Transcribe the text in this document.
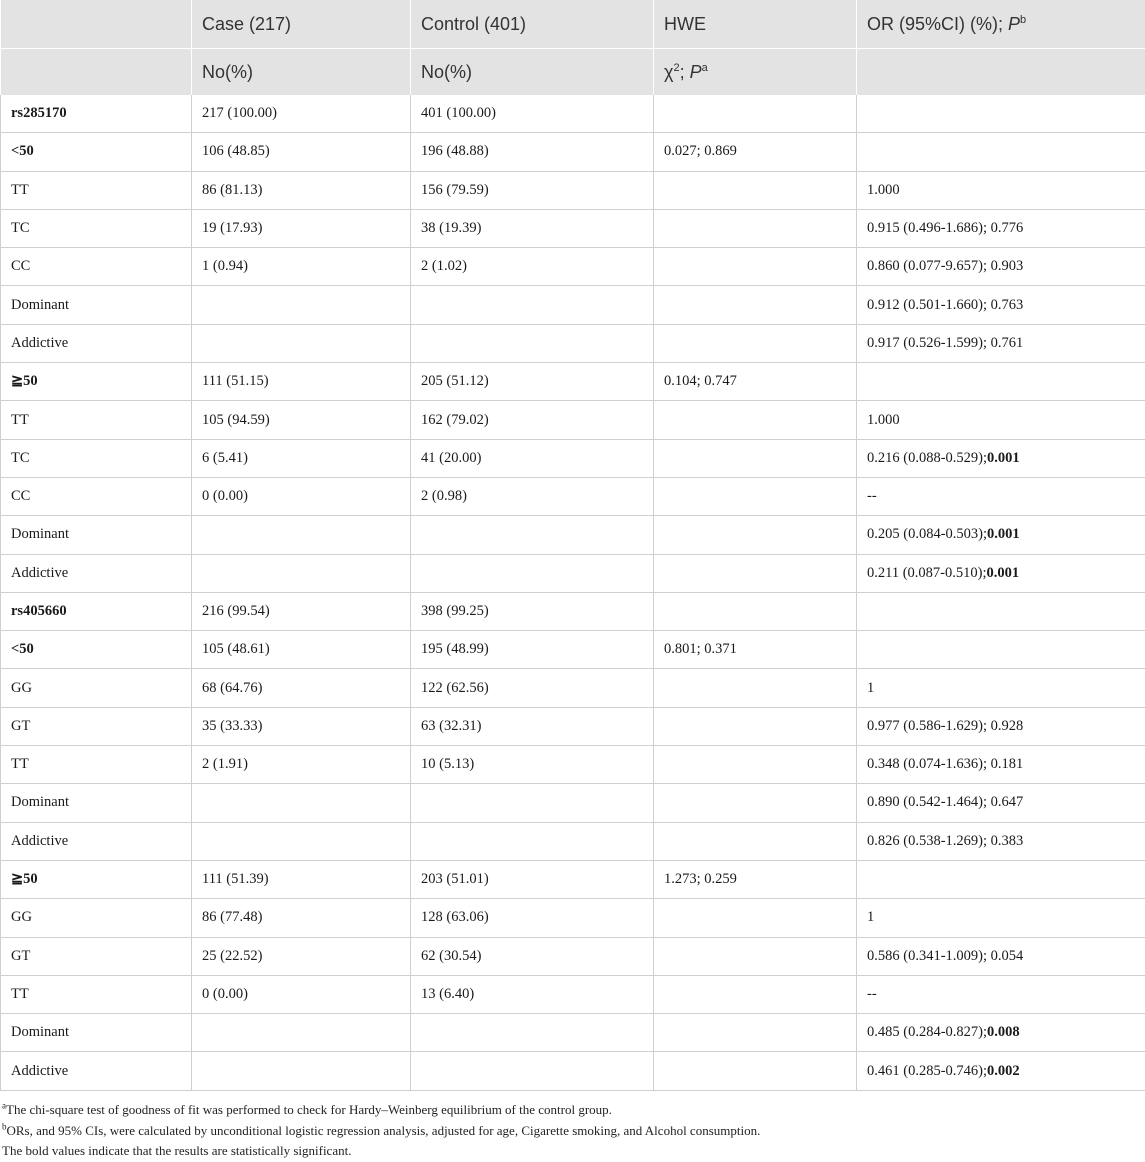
	Case (217)	Control (401)	HWE	OR (95%CI) (%); $P^b$
	No(%)	No(%)	$\chi^2$; $P^a$	
rs285170	217 (100.00)	401 (100.00)		
<50	106 (48.85)	196 (48.88)	0.027; 0.869	
TT	86 (81.13)	156 (79.59)		1.000
TC	19 (17.93)	38 (19.39)		0.915 (0.496-1.686); 0.776
CC	1 (0.94)	2 (1.02)		0.860 (0.077-9.657); 0.903
Dominant				0.912 (0.501-1.660); 0.763
Addictive				0.917 (0.526-1.599); 0.761
≧50	111 (51.15)	205 (51.12)	0.104; 0.747	
TT	105 (94.59)	162 (79.02)		1.000
TC	6 (5.41)	41 (20.00)		0.216 (0.088-0.529);0.001
CC	0 (0.00)	2 (0.98)		--
Dominant				0.205 (0.084-0.503);0.001
Addictive				0.211 (0.087-0.510);0.001
rs405660	216 (99.54)	398 (99.25)		
<50	105 (48.61)	195 (48.99)	0.801; 0.371	
GG	68 (64.76)	122 (62.56)		1
GT	35 (33.33)	63 (32.31)		0.977 (0.586-1.629); 0.928
TT	2 (1.91)	10 (5.13)		0.348 (0.074-1.636); 0.181
Dominant				0.890 (0.542-1.464); 0.647
Addictive				0.826 (0.538-1.269); 0.383
≧50	111 (51.39)	203 (51.01)	1.273; 0.259	
GG	86 (77.48)	128 (63.06)		1
GT	25 (22.52)	62 (30.54)		0.586 (0.341-1.009); 0.054
TT	0 (0.00)	13 (6.40)		--
Dominant				0.485 (0.284-0.827);0.008
Addictive				0.461 (0.285-0.746);0.002
$^a$The chi-square test of goodness of fit was performed to check for Hardy–Weinberg equilibrium of the control group.
$^b$ORs, and 95% CIs, were calculated by unconditional logistic regression analysis, adjusted for age, Cigarette smoking, and Alcohol consumption.
The bold values indicate that the results are statistically significant.
